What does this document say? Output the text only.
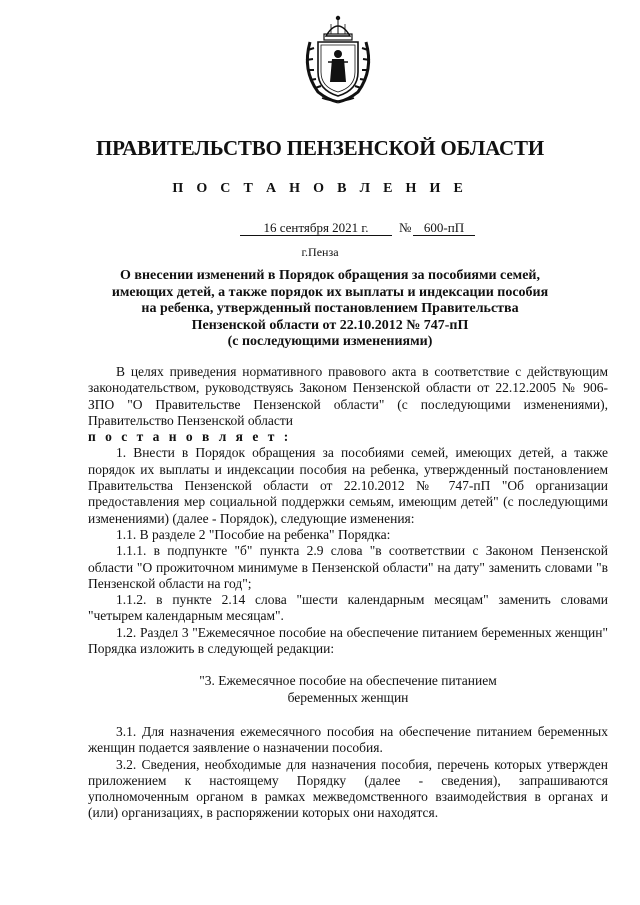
ПРАВИТЕЛЬСТВО ПЕНЗЕНСКОЙ ОБЛАСТИ
П О С Т А Н О В Л Е Н И Е
16 сентября 2021 г.	№ 600-пП
г.Пенза
О внесении изменений в Порядок обращения за пособиями семей,
имеющих детей, а также порядок их выплаты и индексации пособия
на ребенка, утвержденный постановлением Правительства
Пензенской области от 22.10.2012 № 747-пП
(с последующими изменениями)

В целях приведения нормативного правового акта в соответствие с действующим законодательством, руководствуясь Законом Пензенской области от 22.12.2005 № 906-ЗПО "О Правительстве Пензенской области" (с последующими изменениями), Правительство Пензенской области

п о с т а н о в л я е т :

1. Внести в Порядок обращения за пособиями семей, имеющих детей, а также порядок их выплаты и индексации пособия на ребенка, утвержденный постановлением Правительства Пензенской области от 22.10.2012 № 747-пП "Об организации предоставления мер социальной поддержки семьям, имеющим детей" (с последующими изменениями) (далее - Порядок), следующие изменения:

1.1. В разделе 2 "Пособие на ребенка" Порядка:

1.1.1. в подпункте "б" пункта 2.9 слова "в соответствии с Законом Пензенской области "О прожиточном минимуме в Пензенской области" на дату" заменить словами "в Пензенской области на год";

1.1.2. в пункте 2.14 слова "шести календарным месяцам" заменить словами "четырем календарным месяцам".

1.2. Раздел 3 "Ежемесячное пособие на обеспечение питанием беременных женщин" Порядка изложить в следующей редакции:

"3. Ежемесячное пособие на обеспечение питанием
беременных женщин

3.1. Для назначения ежемесячного пособия на обеспечение питанием беременных женщин подается заявление о назначении пособия.

3.2. Сведения, необходимые для назначения пособия, перечень которых утвержден приложением к настоящему Порядку (далее - сведения), запрашиваются уполномоченным органом в рамках межведомственного взаимодействия в органах и (или) организациях, в распоряжении которых они находятся.
